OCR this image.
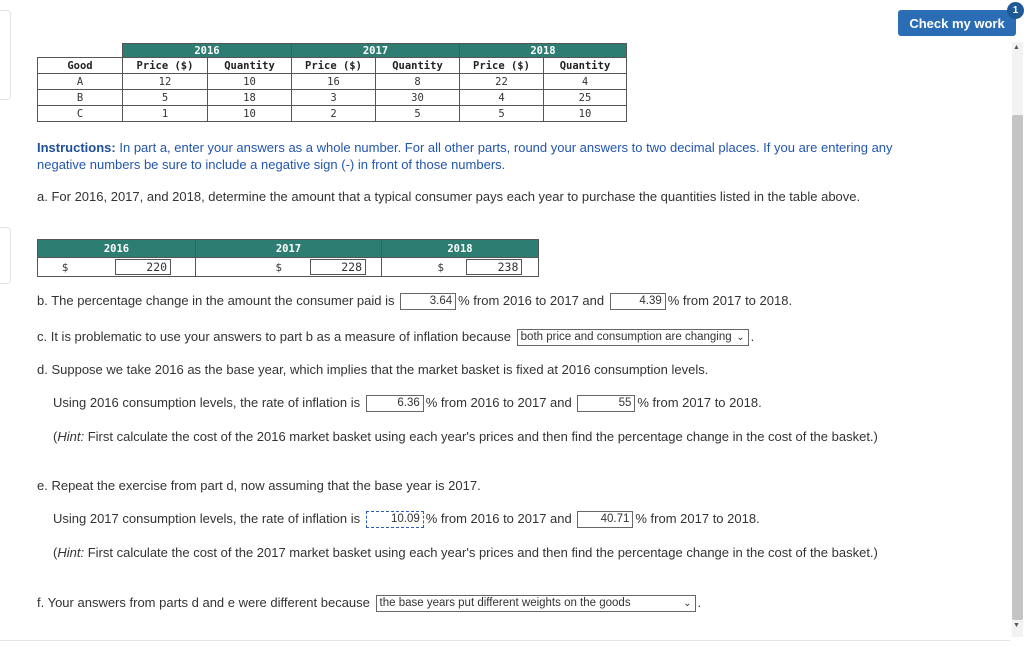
Check my work
1
▲
▼
	2016		2017		2018	
Good	Price ($)	Quantity	Price ($)	Quantity	Price ($)	Quantity
A	12	10	16	8	22	4
B	5	18	3	30	4	25
C	1	10	2	5	5	10
Instructions: In part a, enter your answers as a whole number. For all other parts, round your answers to two decimal places. If you are entering any negative numbers be sure to include a negative sign (-) in front of those numbers.
a. For 2016, 2017, and 2018, determine the amount that a typical consumer pays each year to purchase the quantities listed in the table above.
2016		2017		2018	
$	220	$	228	$	238
b. The percentage change in the amount the consumer paid is	3.64 % from 2016 to 2017 and	4.39 % from 2017 to 2018.
c. It is problematic to use your answers to part b as a measure of inflation because both price and consumption are changing ⌄ .
d. Suppose we take 2016 as the base year, which implies that the market basket is fixed at 2016 consumption levels.
Using 2016 consumption levels, the rate of inflation is	6.36 % from 2016 to 2017 and	55 % from 2017 to 2018.
(Hint: First calculate the cost of the 2016 market basket using each year's prices and then find the percentage change in the cost of the basket.)
e. Repeat the exercise from part d, now assuming that the base year is 2017.
Using 2017 consumption levels, the rate of inflation is	10.09 % from 2016 to 2017 and	40.71 % from 2017 to 2018.
(Hint: First calculate the cost of the 2017 market basket using each year's prices and then find the percentage change in the cost of the basket.)
f. Your answers from parts d and e were different because the base years put different weights on the goods	⌄ .
